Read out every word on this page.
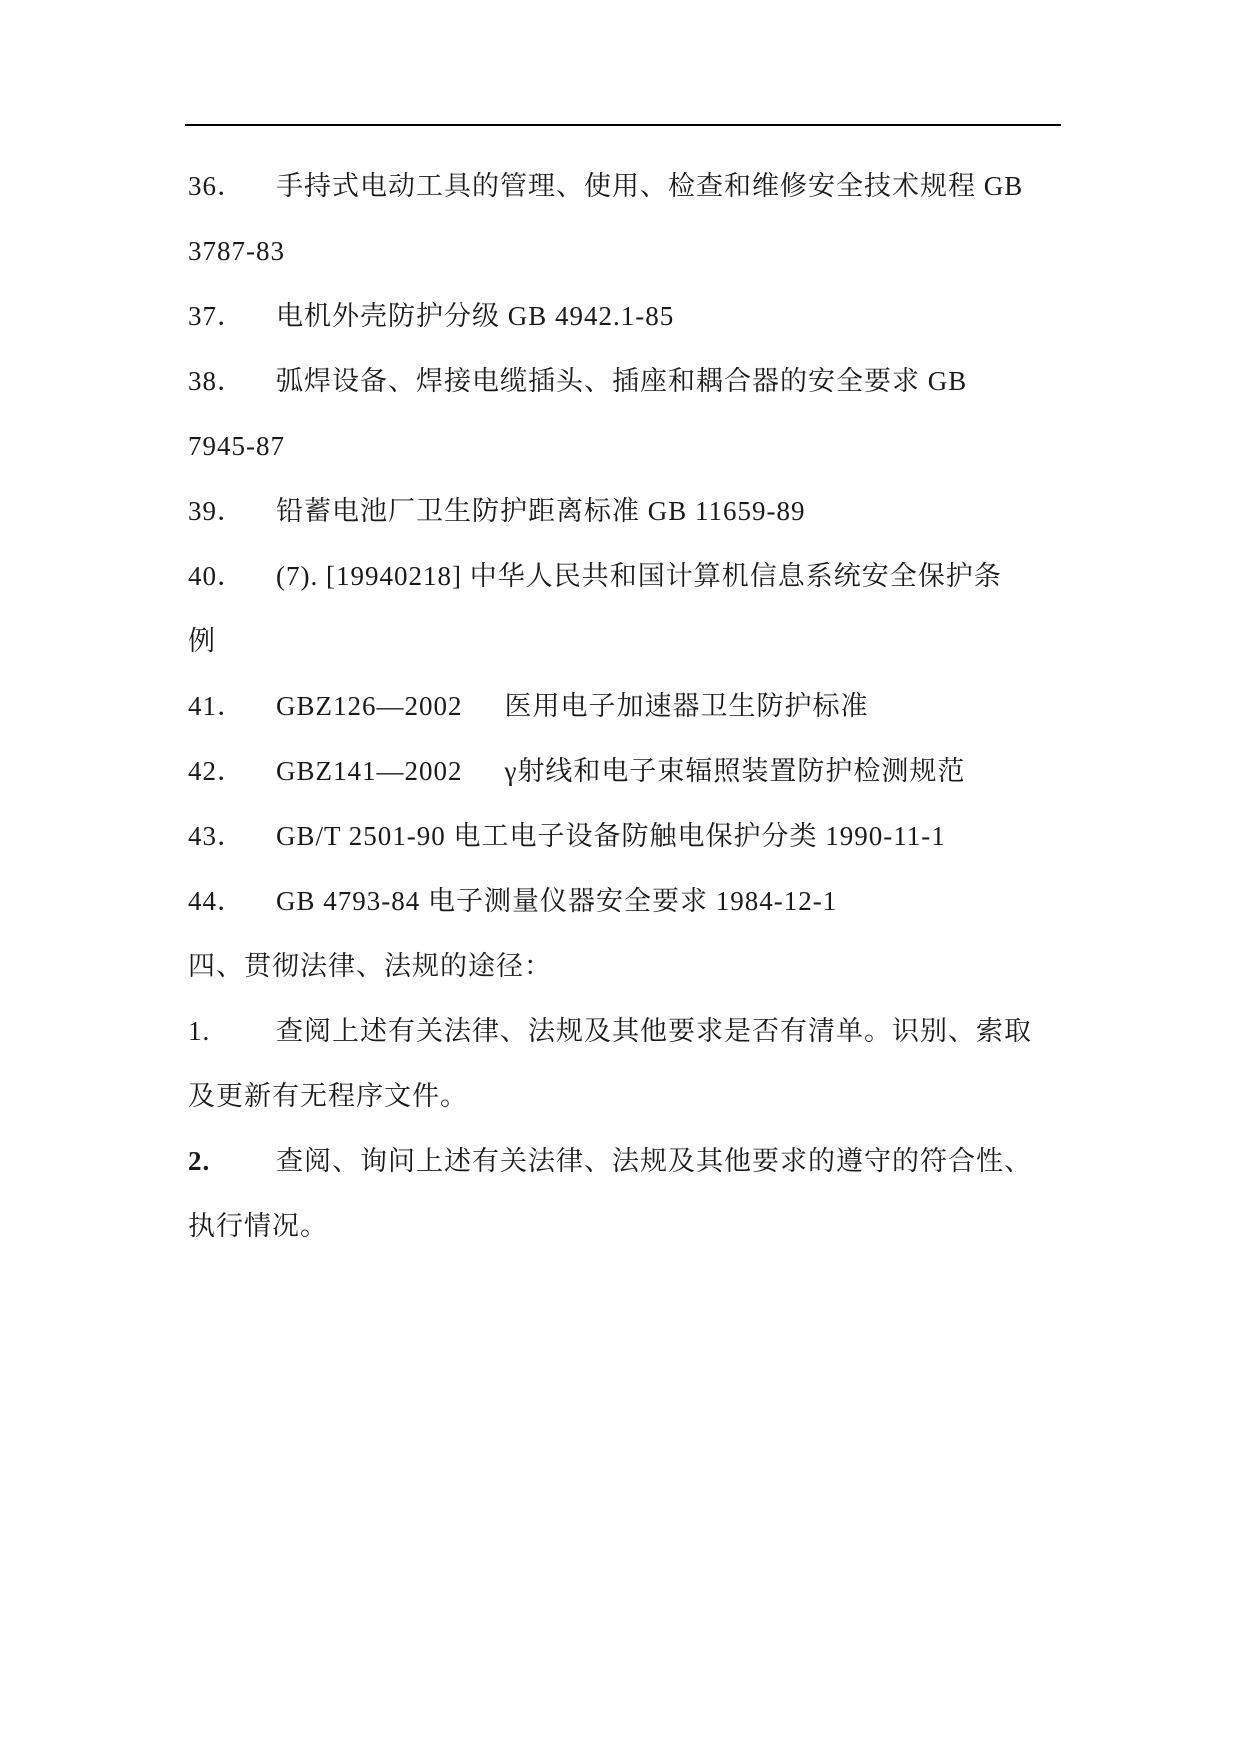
36． 手持式电动工具的管理、使用、检查和维修安全技术规程 GB
3787-83
37． 电机外壳防护分级 GB 4942.1-85
38． 弧焊设备、焊接电缆插头、插座和耦合器的安全要求 GB
7945-87
39． 铅蓄电池厂卫生防护距离标准 GB 11659-89
40． (7). [19940218] 中华人民共和国计算机信息系统安全保护条
例
41． GBZ126—2002 医用电子加速器卫生防护标准
42． GBZ141—2002 γ射线和电子束辐照装置防护检测规范
43． GB/T 2501-90 电工电子设备防触电保护分类 1990-11-1
44． GB 4793-84 电子测量仪器安全要求 1984-12-1
四、贯彻法律、法规的途径：
1. 查阅上述有关法律、法规及其他要求是否有清单。识别、索取
及更新有无程序文件。
2. 查阅、询问上述有关法律、法规及其他要求的遵守的符合性、
执行情况。
